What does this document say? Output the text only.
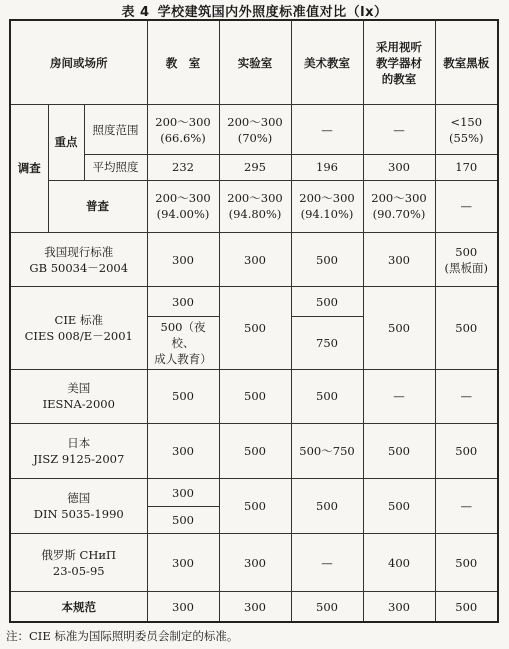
表 4 学校建筑国内外照度标准值对比（lx）
房间或场所			教　室	实验室	美术教室	采用视听
教学器材
的教室	教室黑板
调查	重点	照度范围	200～300
(66.6%)	200～300
(70%)	—	—	<150
(55%)

		平均照度	232	295	196	300	170
	普查		200～300
(94.00%)	200～300
(94.80%)	200～300
(94.10%)	200～300
(90.70%)	—

我国现行标准
GB 50034－2004			300	300	500	300	500
(黑板面)

CIE 标准
CIES 008/E－2001			300	500	500	500	500

			500（夜校、
成人教育）		750		

美国
IESNA-2000			500	500	500	—	—

日本
JISZ 9125-2007			300	500	500～750	500	500

德国
DIN 5035-1990			300	500	500	500	—
			500				

俄罗斯 CHиП
23-05-95			300	300	—	400	500
本规范			300	300	500	300	500
注：CIE 标准为国际照明委员会制定的标准。
